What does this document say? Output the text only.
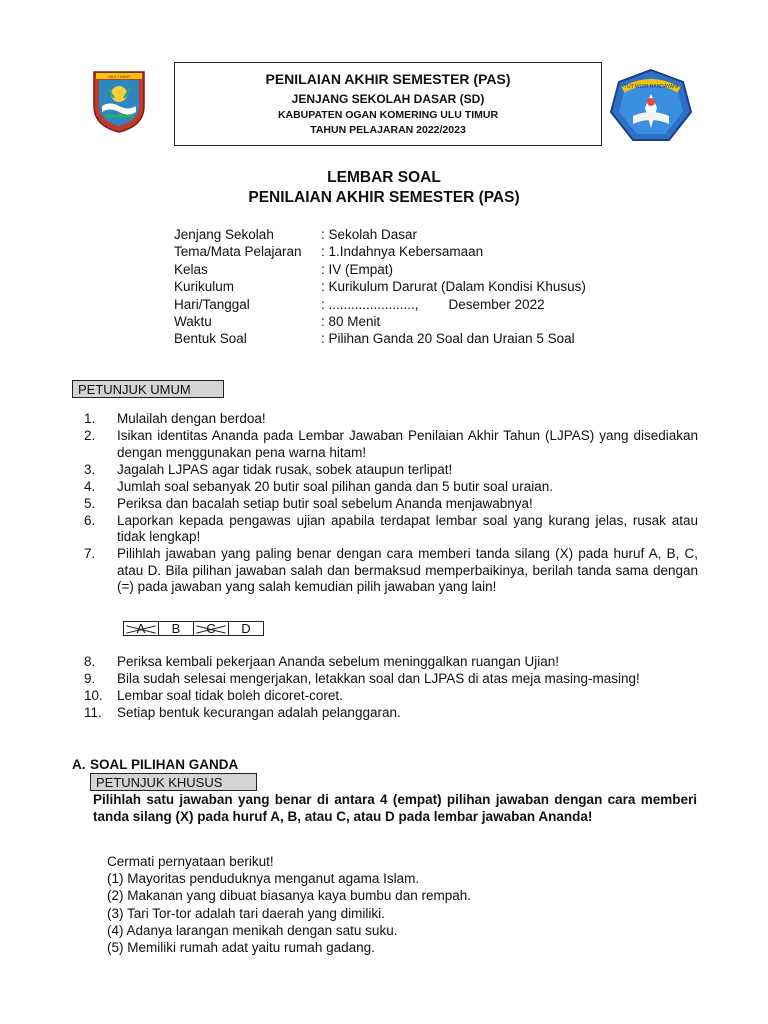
OKU TIMUR	PENILAIAN AKHIR SEMESTER (PAS)
JENJANG SEKOLAH DASAR (SD)
KABUPATEN OGAN KOMERING ULU TIMUR
TAHUN PELAJARAN 2022/2023
TUT WURI HANDAYANI
LEMBAR SOAL
PENILAIAN AKHIR SEMESTER (PAS)
Jenjang Sekolah	: Sekolah Dasar
Tema/Mata Pelajaran	: 1.Indahnya Kebersamaan
Kelas	: IV (Empat)
Kurikulum	: Kurikulum Darurat (Dalam Kondisi Khusus)
Hari/Tanggal	: .......................,        Desember 2022
Waktu	: 80 Menit
Bentuk Soal	: Pilihan Ganda 20 Soal dan Uraian 5 Soal
PETUNJUK UMUM
1.	Mulailah dengan berdoa!
2.	Isikan identitas Ananda pada Lembar Jawaban Penilaian Akhir Tahun (LJPAS) yang disediakan dengan menggunakan pena warna hitam!
3.	Jagalah LJPAS agar tidak rusak, sobek ataupun terlipat!
4.	Jumlah soal sebanyak 20 butir soal pilihan ganda dan 5 butir soal uraian.
5.	Periksa dan bacalah setiap butir soal sebelum Ananda menjawabnya!
6.	Laporkan kepada pengawas ujian apabila terdapat lembar soal yang kurang jelas, rusak atau tidak lengkap!
7.	Pilihlah jawaban yang paling benar dengan cara memberi tanda silang (X) pada huruf A, B, C, atau D. Bila pilihan jawaban salah dan bermaksud memperbaikinya, berilah tanda sama dengan (=) pada jawaban yang salah kemudian pilih jawaban yang lain!
A	B	C	D
8.	Periksa kembali pekerjaan Ananda sebelum meninggalkan ruangan Ujian!
9.	Bila sudah selesai mengerjakan, letakkan soal dan LJPAS di atas meja masing-masing!
10.	Lembar soal tidak boleh dicoret-coret.
11.	Setiap bentuk kecurangan adalah pelanggaran.
A. SOAL PILIHAN GANDA
PETUNJUK KHUSUS
Pilihlah satu jawaban yang benar di antara 4 (empat) pilihan jawaban dengan cara memberi tanda silang (X) pada huruf A, B, atau C, atau D pada lembar jawaban Ananda!
Cermati pernyataan berikut!
(1) Mayoritas penduduknya menganut agama Islam.
(2) Makanan yang dibuat biasanya kaya bumbu dan rempah.
(3) Tari Tor-tor adalah tari daerah yang dimiliki.
(4) Adanya larangan menikah dengan satu suku.
(5) Memiliki rumah adat yaitu rumah gadang.
